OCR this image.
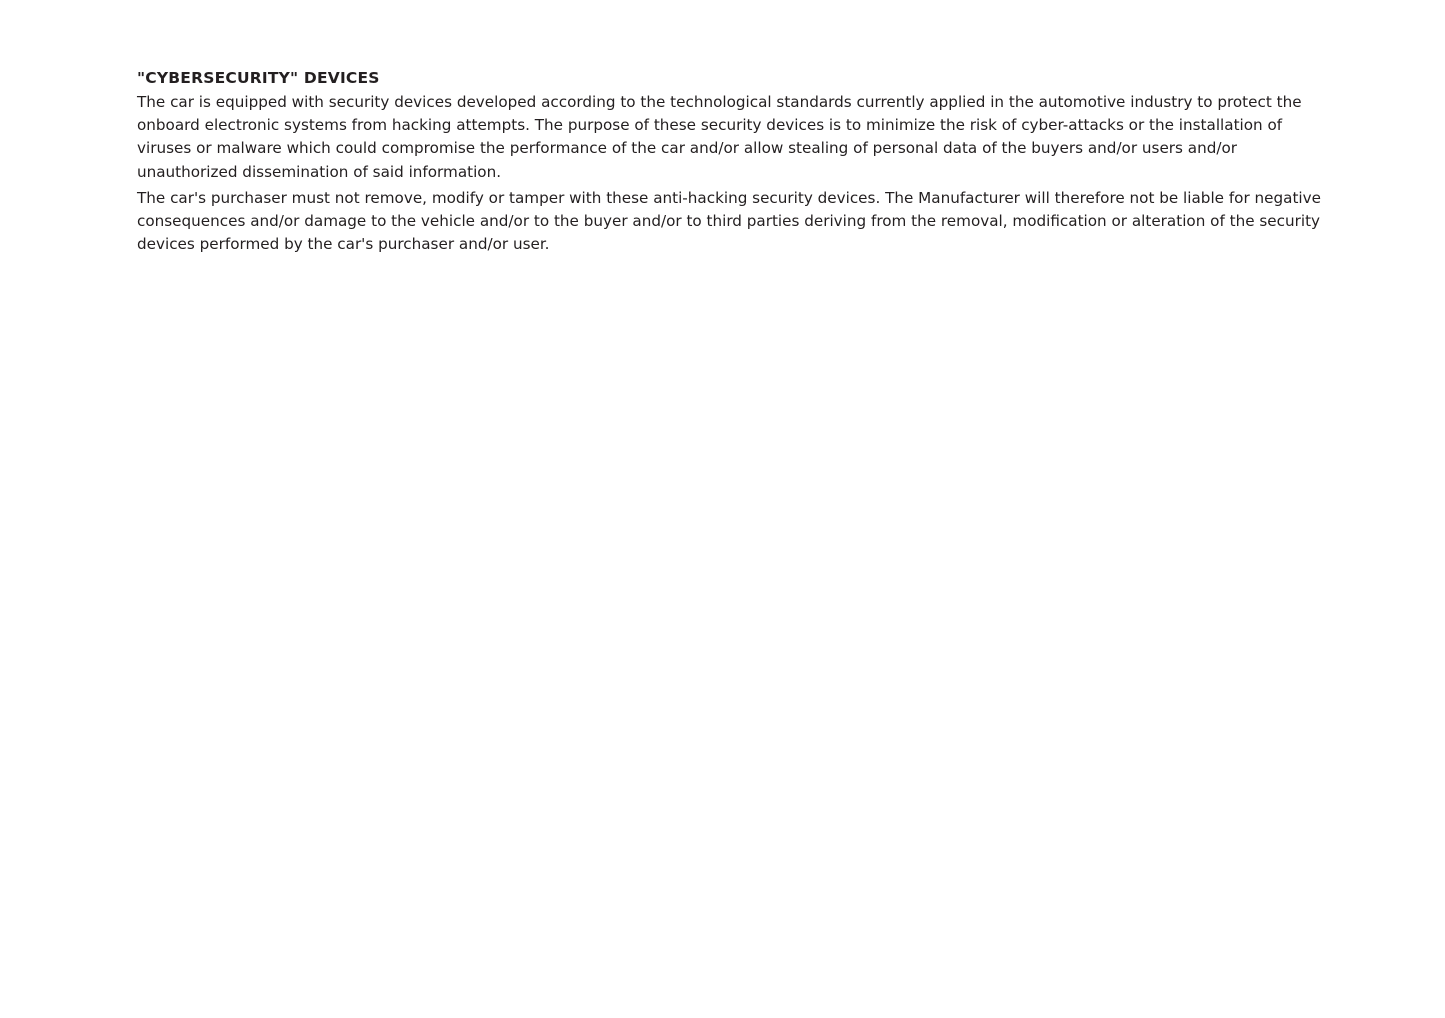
"CYBERSECURITY" DEVICES

The car is equipped with security devices developed according to the technological standards currently applied in the automotive industry to protect the onboard electronic systems from hacking attempts. The purpose of these security devices is to minimize the risk of cyber-attacks or the installation of viruses or malware which could compromise the performance of the car and/or allow stealing of personal data of the buyers and/or users and/or unauthorized dissemination of said information.

The car's purchaser must not remove, modify or tamper with these anti-hacking security devices. The Manufacturer will therefore not be liable for negative consequences and/or damage to the vehicle and/or to the buyer and/or to third parties deriving from the removal, modification or alteration of the security devices performed by the car's purchaser and/or user.
